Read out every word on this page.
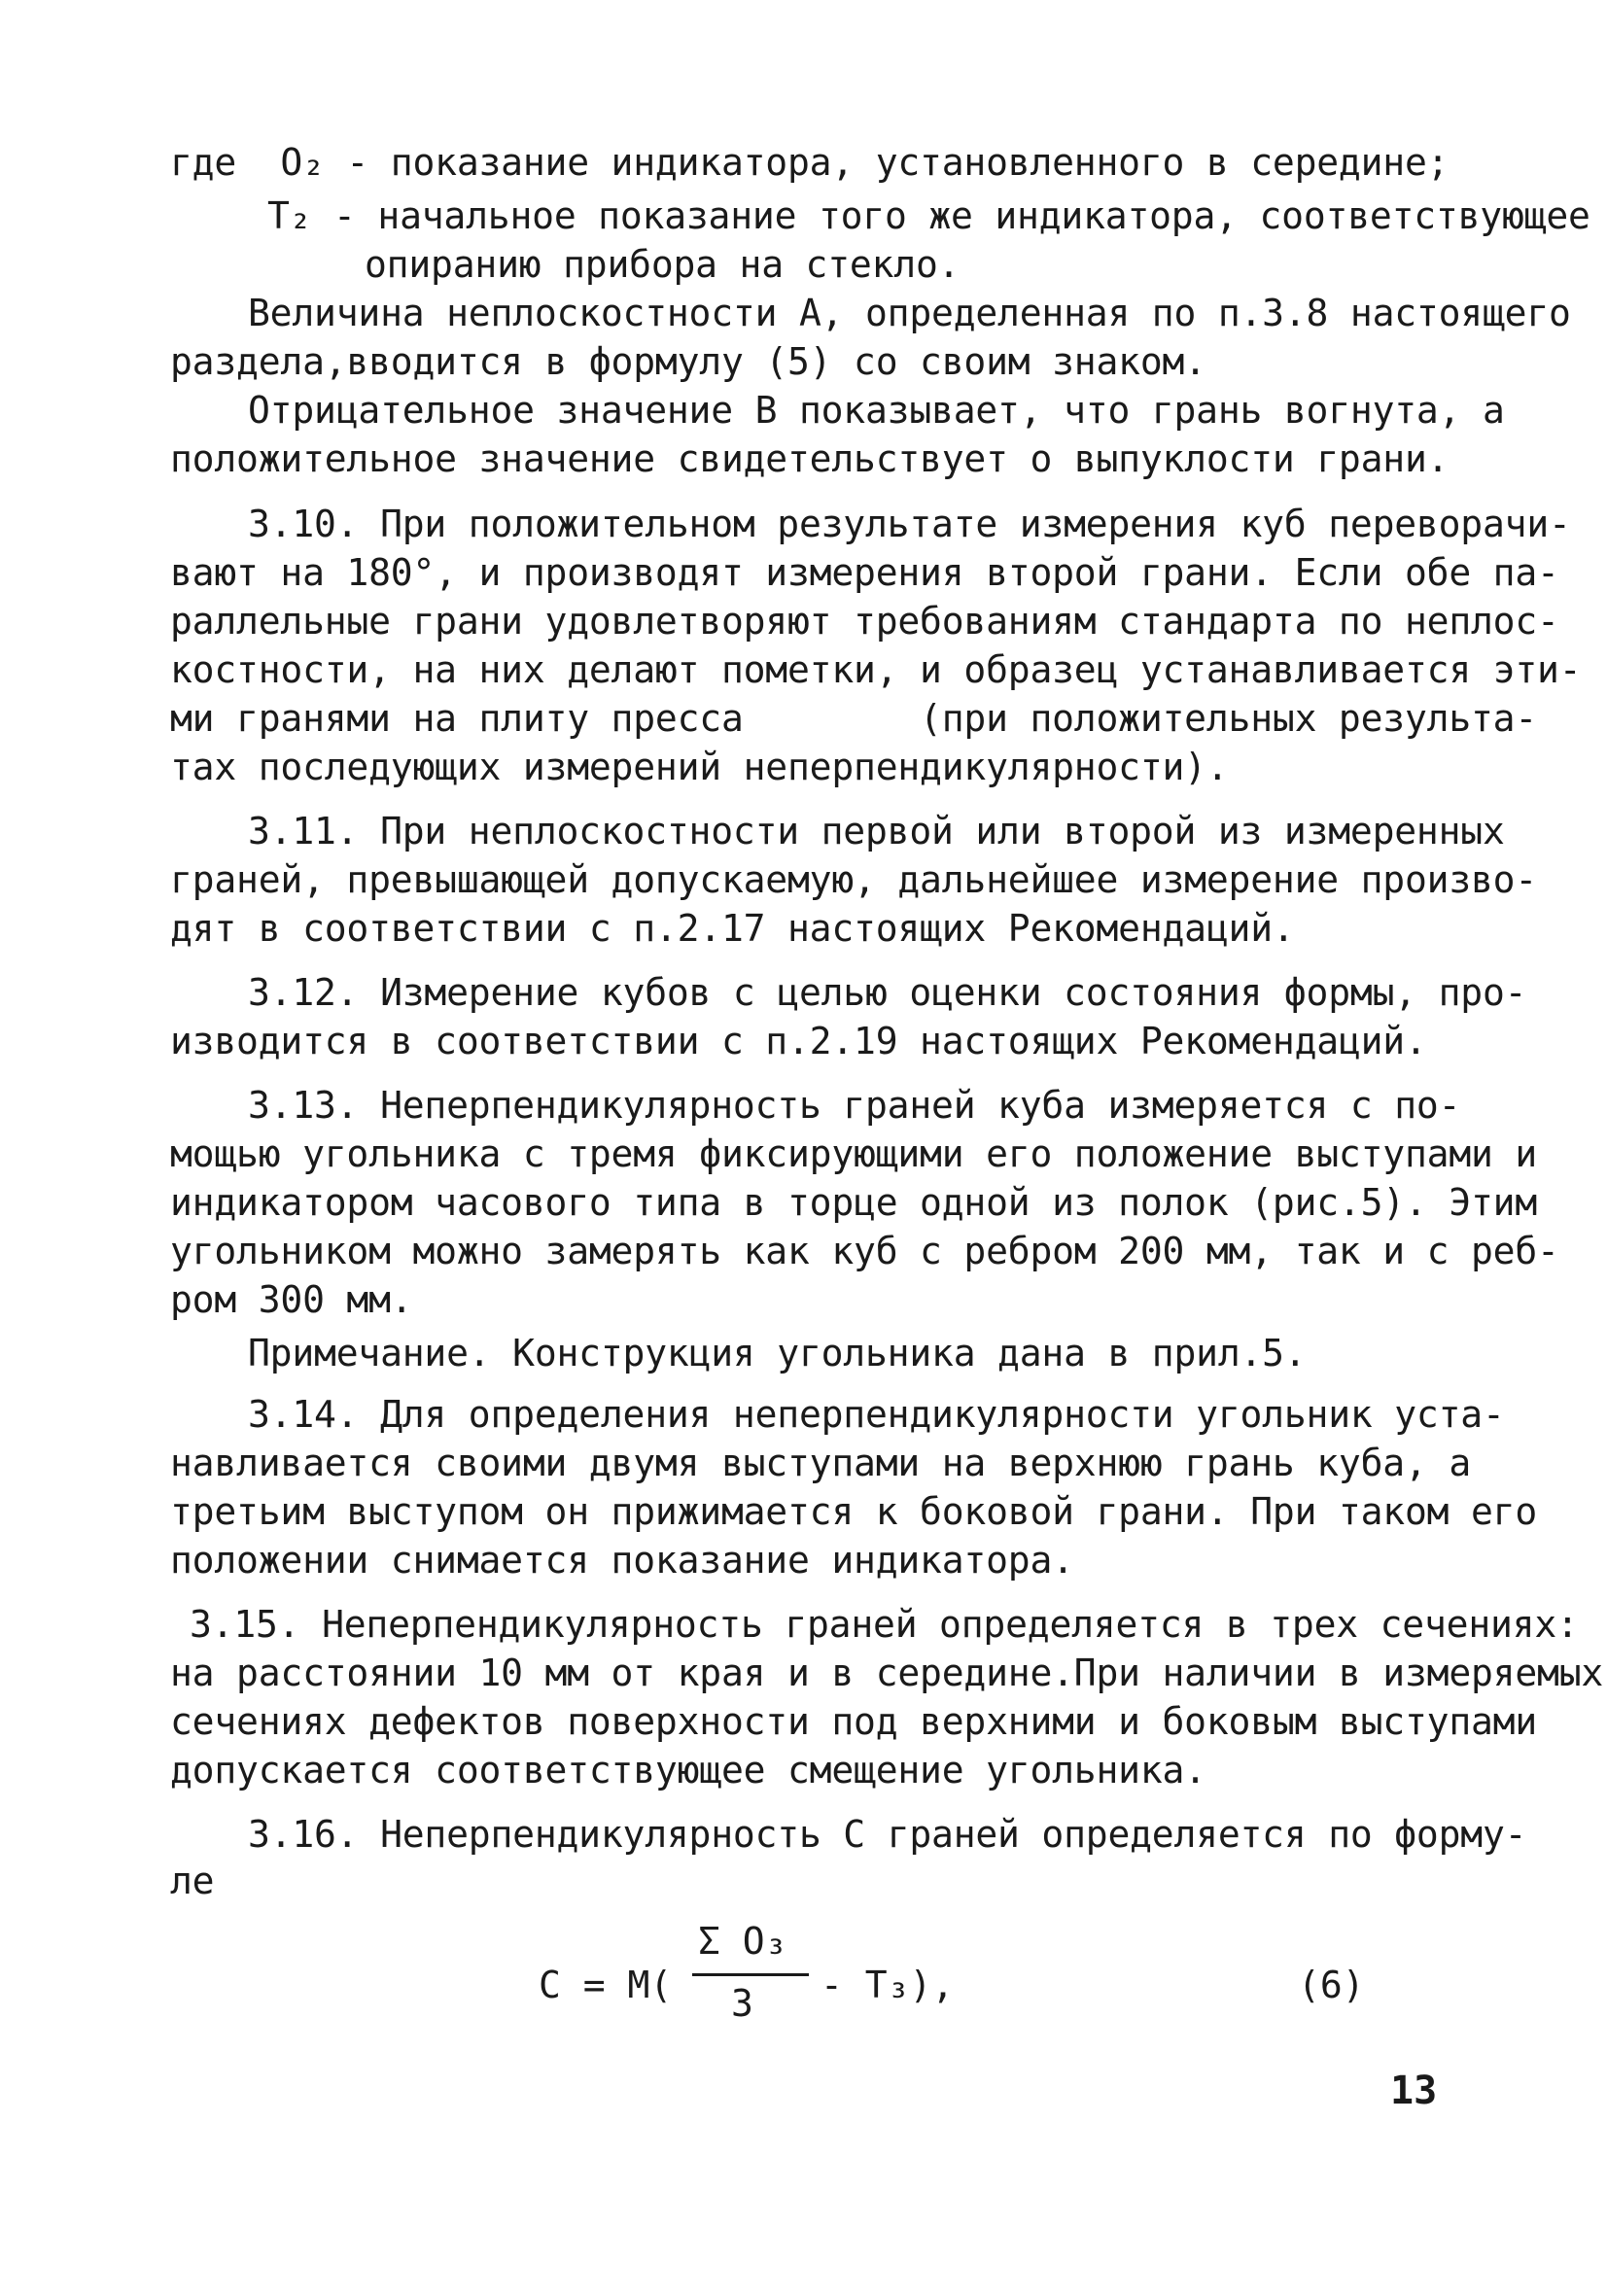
где  O₂ - показание индикатора, установленного в середине;
T₂ - начальное показание того же индикатора, соответствующее
опиранию прибора на стекло.
Величина неплоскостности А, определенная по п.3.8 настоящего
раздела,вводится в формулу (5) со своим знаком.
Отрицательное значение В показывает, что грань вогнута, а
положительное значение свидетельствует о выпуклости грани.
3.10. При положительном результате измерения куб переворачи-
вают на 180°, и производят измерения второй грани. Если обе па-
раллельные грани удовлетворяют требованиям стандарта по неплос-
костности, на них делают пометки, и образец устанавливается эти-
ми гранями на плиту пресса        (при положительных результа-
тах последующих измерений неперпендикулярности).
3.11. При неплоскостности первой или второй из измеренных
граней, превышающей допускаемую, дальнейшее измерение произво-
дят в соответствии с п.2.17 настоящих Рекомендаций.
3.12. Измерение кубов с целью оценки состояния формы, про-
изводится в соответствии с п.2.19 настоящих Рекомендаций.
3.13. Неперпендикулярность граней куба измеряется с по-
мощью угольника с тремя фиксирующими его положение выступами и
индикатором часового типа в торце одной из полок (рис.5). Этим
угольником можно замерять как куб с ребром 200 мм, так и с реб-
ром 300 мм.
Примечание. Конструкция угольника дана в прил.5.
3.14. Для определения неперпендикулярности угольник уста-
навливается своими двумя выступами на верхнюю грань куба, а
третьим выступом он прижимается к боковой грани. При таком его
положении снимается показание индикатора.
3.15. Неперпендикулярность граней определяется в трех сечениях:
на расстоянии 10 мм от края и в середине.При наличии в измеряемых
сечениях дефектов поверхности под верхними и боковым выступами
допускается соответствующее смещение угольника.
3.16. Неперпендикулярность С граней определяется по форму-
ле
C = M(
Σ O₃
3 - T₃),	(6)
13
